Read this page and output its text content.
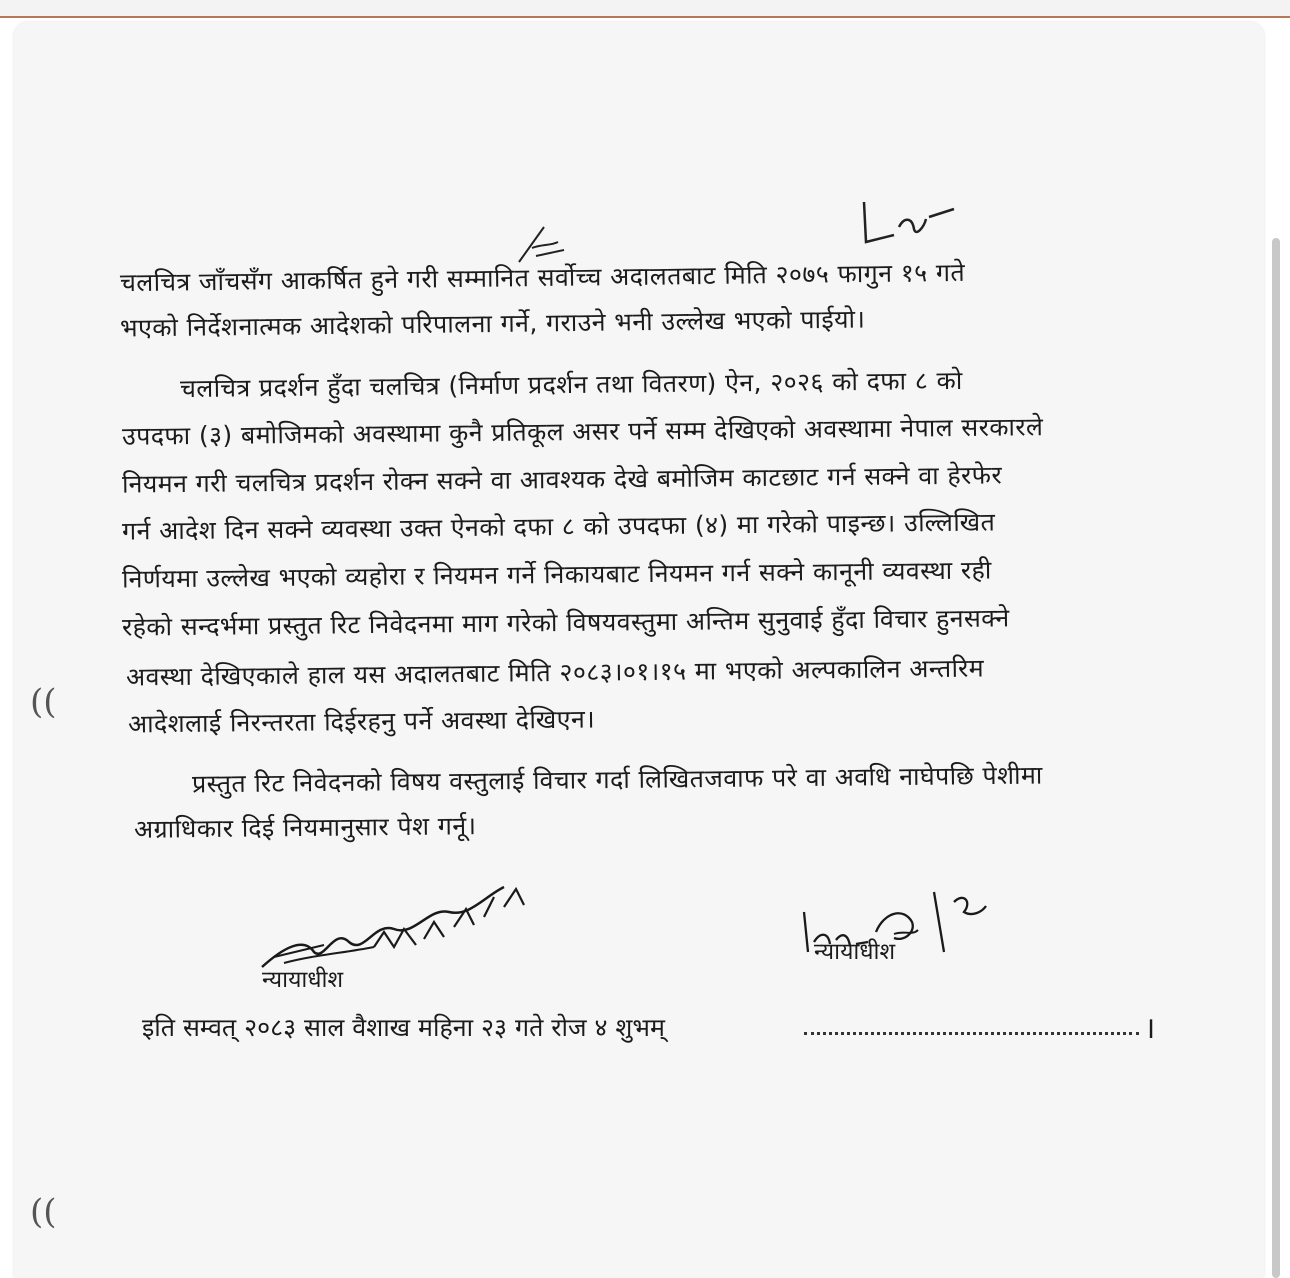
चलचित्र जाँचसँग आकर्षित हुने गरी सम्मानित सर्वोच्च अदालतबाट मिति २०७५ फागुन १५ गते
भएको निर्देशनात्मक आदेशको परिपालना गर्ने, गराउने भनी उल्लेख भएको पाईयो।
चलचित्र प्रदर्शन हुँदा चलचित्र (निर्माण प्रदर्शन तथा वितरण) ऐन, २०२६ को दफा ८ को
उपदफा (३) बमोजिमको अवस्थामा कुनै प्रतिकूल असर पर्ने सम्म देखिएको अवस्थामा नेपाल सरकारले
नियमन गरी चलचित्र प्रदर्शन रोक्न सक्ने वा आवश्यक देखे बमोजिम काटछाट गर्न सक्ने वा हेरफेर
गर्न आदेश दिन सक्ने व्यवस्था उक्त ऐनको दफा ८ को उपदफा (४) मा गरेको पाइन्छ। उल्लिखित
निर्णयमा उल्लेख भएको व्यहोरा र नियमन गर्ने निकायबाट नियमन गर्न सक्ने कानूनी व्यवस्था रही
रहेको सन्दर्भमा प्रस्तुत रिट निवेदनमा माग गरेको विषयवस्तुमा अन्तिम सुनुवाई हुँदा विचार हुनसक्ने
अवस्था देखिएकाले हाल यस अदालतबाट मिति २०८३।०१।१५ मा भएको अल्पकालिन अन्तरिम
आदेशलाई निरन्तरता दिईरहनु पर्ने अवस्था देखिएन।
प्रस्तुत रिट निवेदनको विषय वस्तुलाई विचार गर्दा लिखितजवाफ परे वा अवधि नाघेपछि पेशीमा
अग्राधिकार दिई नियमानुसार पेश गर्नू।
((
((
न्यायाधीश
न्यायाधीश
इति सम्वत् २०८३ साल वैशाख महिना २३ गते रोज ४ शुभम्	।
